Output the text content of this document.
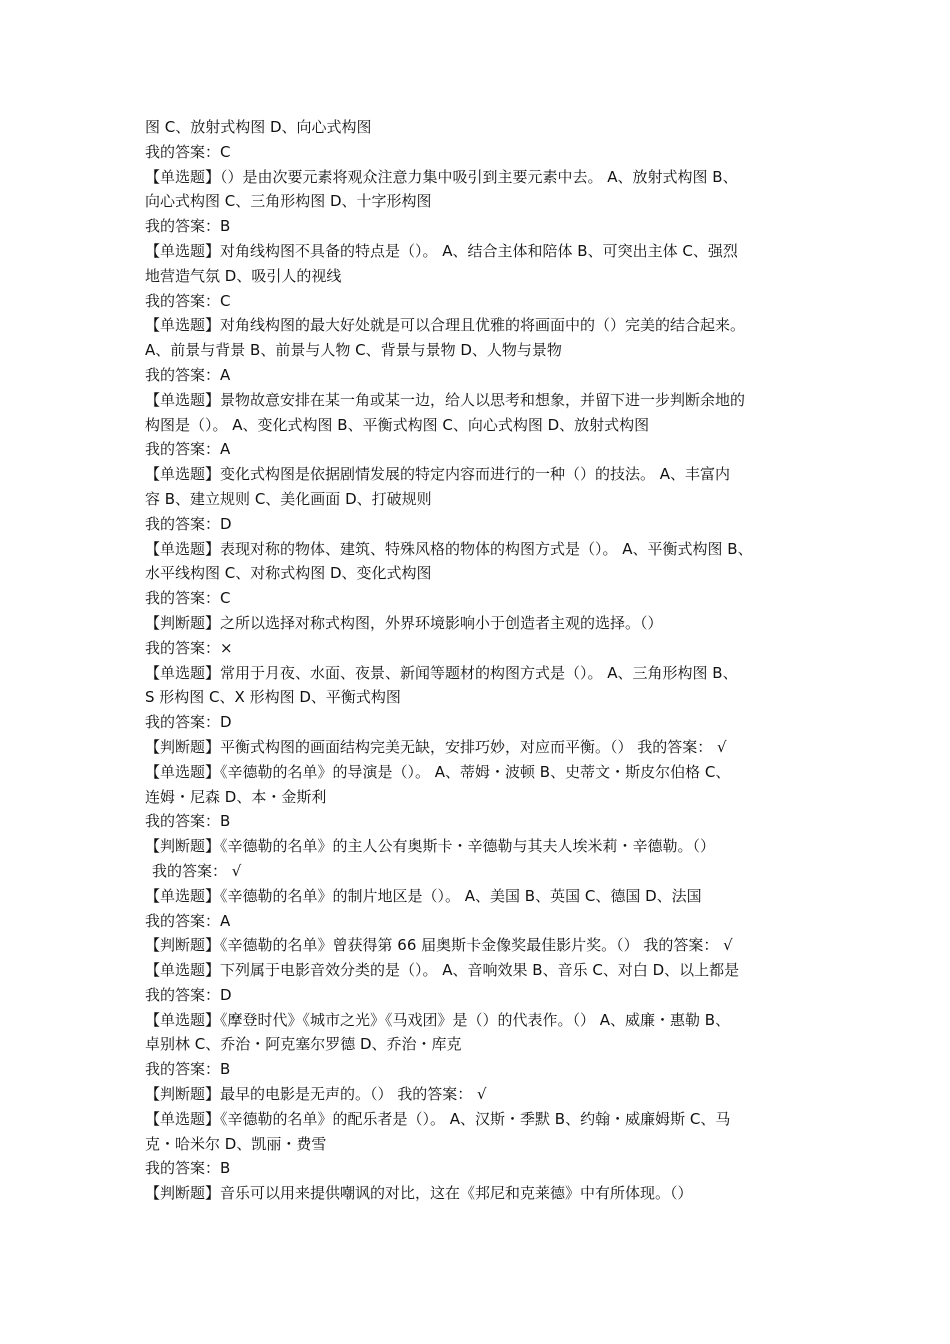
图 C、放射式构图 D、向心式构图
我的答案：C
【单选题】（）是由次要元素将观众注意力集中吸引到主要元素中去。 A、放射式构图 B、
向心式构图 C、三角形构图 D、十字形构图
我的答案：B
【单选题】对角线构图不具备的特点是（）。 A、结合主体和陪体 B、可突出主体 C、强烈
地营造气氛 D、吸引人的视线
我的答案：C
【单选题】对角线构图的最大好处就是可以合理且优雅的将画面中的（）完美的结合起来。
A、前景与背景 B、前景与人物 C、背景与景物 D、人物与景物
我的答案：A
【单选题】景物故意安排在某一角或某一边，给人以思考和想象，并留下进一步判断余地的
构图是（）。 A、变化式构图 B、平衡式构图 C、向心式构图 D、放射式构图
我的答案：A
【单选题】变化式构图是依据剧情发展的特定内容而进行的一种（）的技法。 A、丰富内
容 B、建立规则 C、美化画面 D、打破规则
我的答案：D
【单选题】表现对称的物体、建筑、特殊风格的物体的构图方式是（）。 A、平衡式构图 B、
水平线构图 C、对称式构图 D、变化式构图
我的答案：C
【判断题】之所以选择对称式构图，外界环境影响小于创造者主观的选择。（）
我的答案：×
【单选题】常用于月夜、水面、夜景、新闻等题材的构图方式是（）。 A、三角形构图 B、
S 形构图 C、X 形构图 D、平衡式构图
我的答案：D
【判断题】平衡式构图的画面结构完美无缺，安排巧妙，对应而平衡。（） 我的答案： √
【单选题】《辛德勒的名单》的导演是（）。 A、蒂姆・波顿 B、史蒂文・斯皮尔伯格 C、
连姆・尼森 D、本・金斯利
我的答案：B
【判断题】《辛德勒的名单》的主人公有奥斯卡・辛德勒与其夫人埃米莉・辛德勒。（）
我的答案： √
【单选题】《辛德勒的名单》的制片地区是（）。 A、美国 B、英国 C、德国 D、法国
我的答案：A
【判断题】《辛德勒的名单》曾获得第 66 届奥斯卡金像奖最佳影片奖。（） 我的答案： √
【单选题】下列属于电影音效分类的是（）。 A、音响效果 B、音乐 C、对白 D、以上都是
我的答案：D
【单选题】《摩登时代》《城市之光》《马戏团》是（）的代表作。（） A、威廉・惠勒 B、
卓别林 C、乔治・阿克塞尔罗德 D、乔治・库克
我的答案：B
【判断题】最早的电影是无声的。（） 我的答案： √
【单选题】《辛德勒的名单》的配乐者是（）。 A、汉斯・季默 B、约翰・威廉姆斯 C、马
克・哈米尔 D、凯丽・费雪
我的答案：B
【判断题】音乐可以用来提供嘲讽的对比，这在《邦尼和克莱德》中有所体现。（）
